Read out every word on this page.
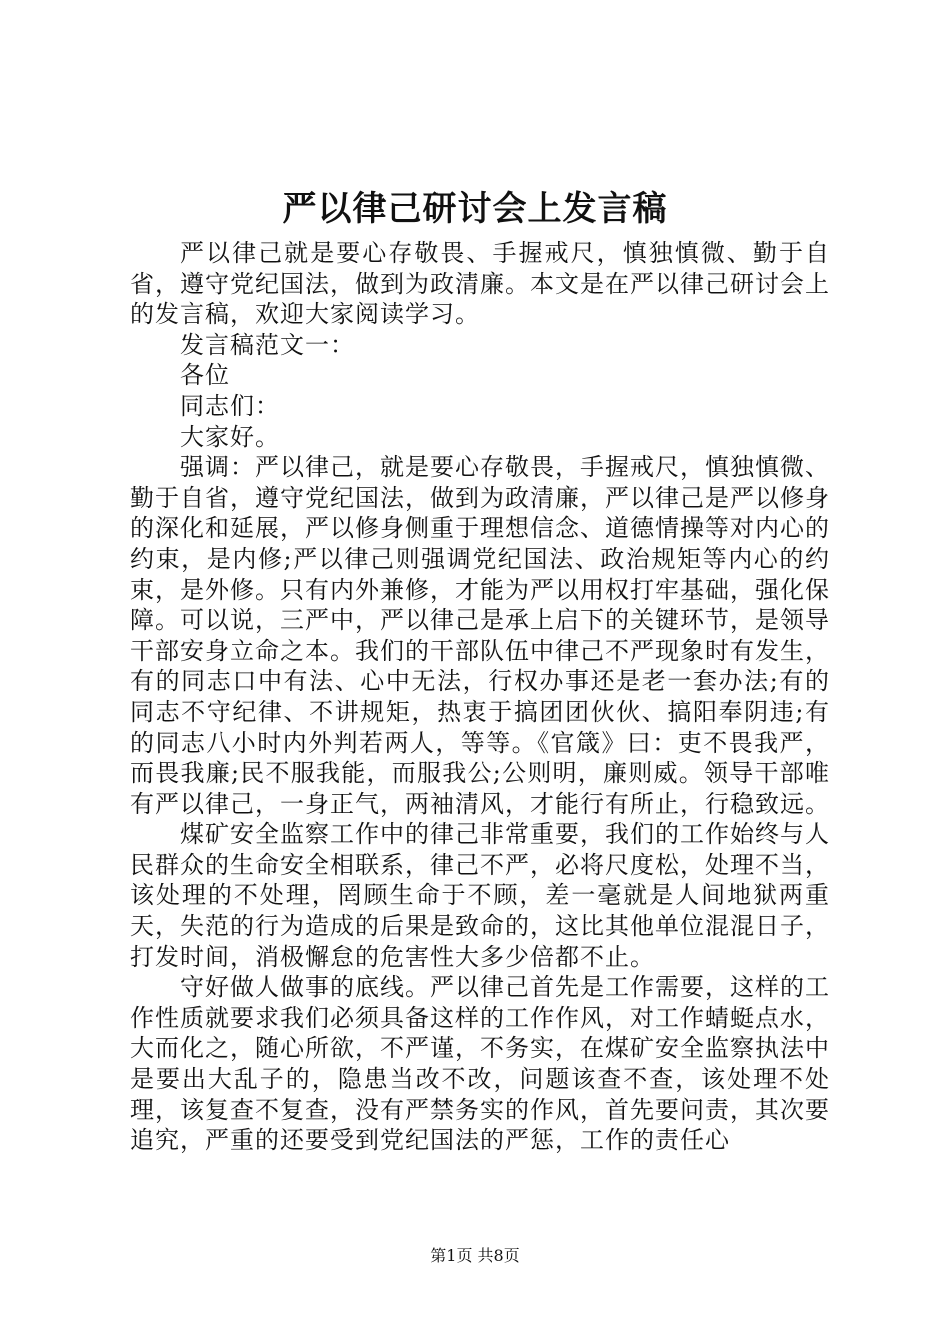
严以律己研讨会上发言稿

严以律己就是要心存敬畏、手握戒尺，慎独慎微、勤于自省，遵守党纪国法，做到为政清廉。本文是在严以律己研讨会上的发言稿，欢迎大家阅读学习。

发言稿范文一：

各位

同志们：

大家好。

强调：严以律己，就是要心存敬畏，手握戒尺，慎独慎微、勤于自省，遵守党纪国法，做到为政清廉，严以律己是严以修身的深化和延展，严以修身侧重于理想信念、道德情操等对内心的约束，是内修;严以律己则强调党纪国法、政治规矩等内心的约束，是外修。只有内外兼修，才能为严以用权打牢基础，强化保障。可以说，三严中，严以律己是承上启下的关键环节，是领导干部安身立命之本。我们的干部队伍中律己不严现象时有发生，有的同志口中有法、心中无法，行权办事还是老一套办法;有的同志不守纪律、不讲规矩，热衷于搞团团伙伙、搞阳奉阴违;有的同志八小时内外判若两人，等等。《官箴》曰：吏不畏我严，而畏我廉;民不服我能，而服我公;公则明，廉则威。领导干部唯有严以律己，一身正气，两袖清风，才能行有所止，行稳致远。

煤矿安全监察工作中的律己非常重要，我们的工作始终与人民群众的生命安全相联系，律己不严，必将尺度松，处理不当，该处理的不处理，罔顾生命于不顾，差一毫就是人间地狱两重天，失范的行为造成的后果是致命的，这比其他单位混混日子，打发时间，消极懈怠的危害性大多少倍都不止。

守好做人做事的底线。严以律己首先是工作需要，这样的工作性质就要求我们必须具备这样的工作作风，对工作蜻蜓点水，大而化之，随心所欲，不严谨，不务实，在煤矿安全监察执法中是要出大乱子的，隐患当改不改，问题该查不查，该处理不处理，该复查不复查，没有严禁务实的作风，首先要问责，其次要追究，严重的还要受到党纪国法的严惩，工作的责任心

第1页 共8页
